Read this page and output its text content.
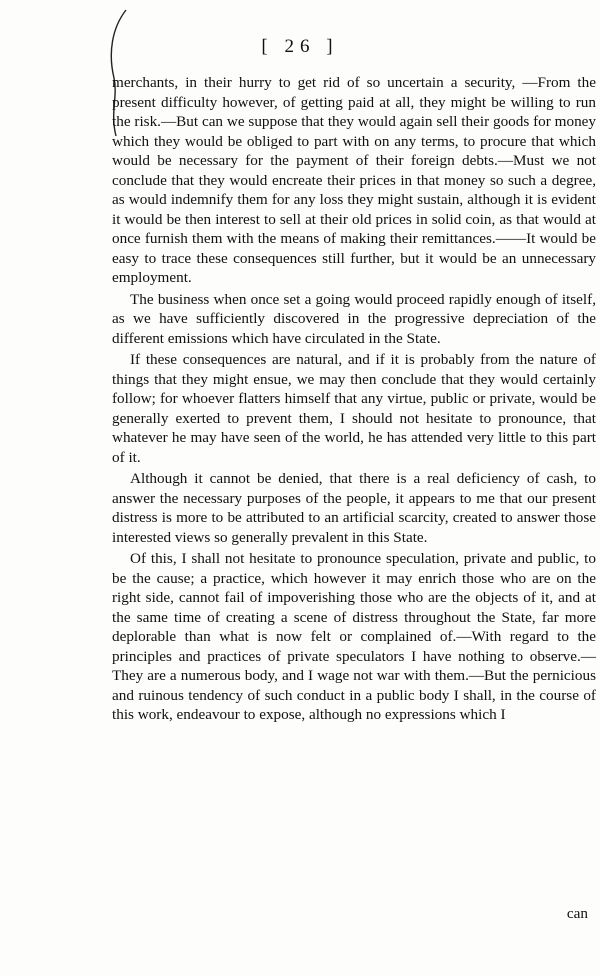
[ 26 ]

merchants, in their hurry to get rid of so uncertain a security, —From the present difficulty however, of getting paid at all, they might be willing to run the risk.—But can we suppose that they would again sell their goods for money which they would be obliged to part with on any terms, to procure that which would be necessary for the payment of their foreign debts.—Must we not conclude that they would encreate their prices in that money so such a degree, as would indemnify them for any loss they might sustain, although it is evident it would be then interest to sell at their old prices in solid coin, as that would at once furnish them with the means of making their remittances.——It would be easy to trace these consequences still further, but it would be an unnecessary employment.

The business when once set a going would proceed rapidly enough of itself, as we have sufficiently discovered in the progressive depreciation of the different emissions which have circulated in the State.

If these consequences are natural, and if it is probably from the nature of things that they might ensue, we may then conclude that they would certainly follow; for whoever flatters himself that any virtue, public or private, would be generally exerted to prevent them, I should not hesitate to pronounce, that whatever he may have seen of the world, he has attended very little to this part of it.

Although it cannot be denied, that there is a real deficiency of cash, to answer the necessary purposes of the people, it appears to me that our present distress is more to be attributed to an artificial scarcity, created to answer those interested views so generally prevalent in this State.

Of this, I shall not hesitate to pronounce speculation, private and public, to be the cause; a practice, which however it may enrich those who are on the right side, cannot fail of impoverishing those who are the objects of it, and at the same time of creating a scene of distress throughout the State, far more deplorable than what is now felt or complained of.—With regard to the principles and practices of private speculators I have nothing to observe.—They are a numerous body, and I wage not war with them.—But the pernicious and ruinous tendency of such conduct in a public body I shall, in the course of this work, endeavour to expose, although no expressions which I

can
